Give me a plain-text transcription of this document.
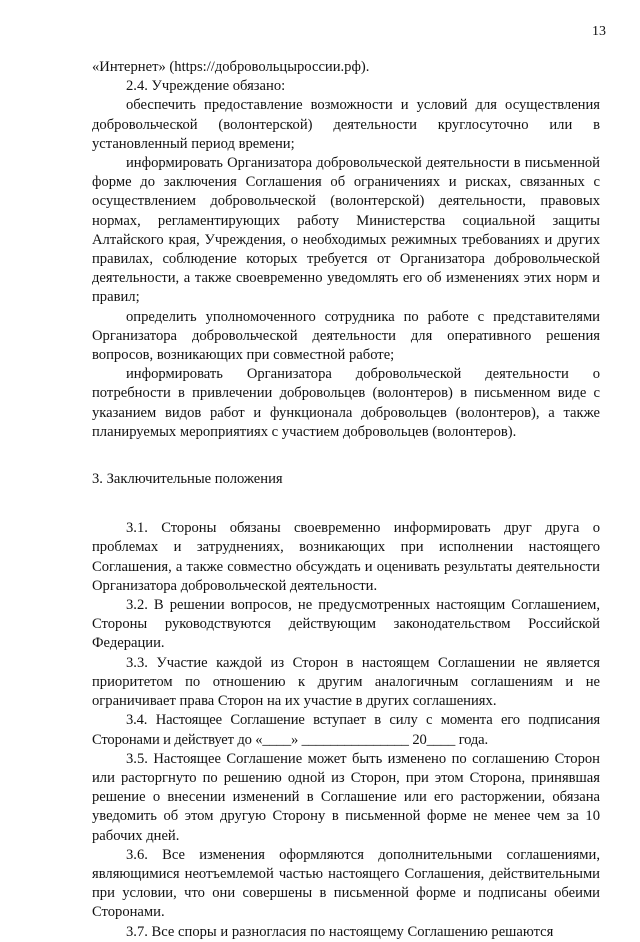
13

«Интернет» (https://добровольцыроссии.рф).

2.4. Учреждение обязано:

обеспечить предоставление возможности и условий для осуществления добровольческой (волонтерской) деятельности круглосуточно или в установленный период времени;

информировать Организатора добровольческой деятельности в письменной форме до заключения Соглашения об ограничениях и рисках, связанных с осуществлением добровольческой (волонтерской) деятельности, правовых нормах, регламентирующих работу Министерства социальной защиты Алтайского края, Учреждения, о необходимых режимных требованиях и других правилах, соблюдение которых требуется от Организатора добровольческой деятельности, а также своевременно уведомлять его об изменениях этих норм и правил;

определить уполномоченного сотрудника по работе с представителями Организатора добровольческой деятельности для оперативного решения вопросов, возникающих при совместной работе;

информировать Организатора добровольческой деятельности о потребности в привлечении добровольцев (волонтеров) в письменном виде с указанием видов работ и функционала добровольцев (волонтеров), а также планируемых мероприятиях с участием добровольцев (волонтеров).

3. Заключительные положения

3.1. Стороны обязаны своевременно информировать друг друга о проблемах и затруднениях, возникающих при исполнении настоящего Соглашения, а также совместно обсуждать и оценивать результаты деятельности Организатора добровольческой деятельности.

3.2. В решении вопросов, не предусмотренных настоящим Соглашением, Стороны руководствуются действующим законодательством Российской Федерации.

3.3. Участие каждой из Сторон в настоящем Соглашении не является приоритетом по отношению к другим аналогичным соглашениям и не ограничивает права Сторон на их участие в других соглашениях.

3.4. Настоящее Соглашение вступает в силу с момента его подписания Сторонами и действует до «____» _______________ 20____ года.

3.5. Настоящее Соглашение может быть изменено по соглашению Сторон или расторгнуто по решению одной из Сторон, при этом Сторона, принявшая решение о внесении изменений в Соглашение или его расторжении, обязана уведомить об этом другую Сторону в письменной форме не менее чем за 10 рабочих дней.

3.6. Все изменения оформляются дополнительными соглашениями, являющимися неотъемлемой частью настоящего Соглашения, действительными при условии, что они совершены в письменной форме и подписаны обеими Сторонами.

3.7. Все споры и разногласия по настоящему Соглашению решаются
